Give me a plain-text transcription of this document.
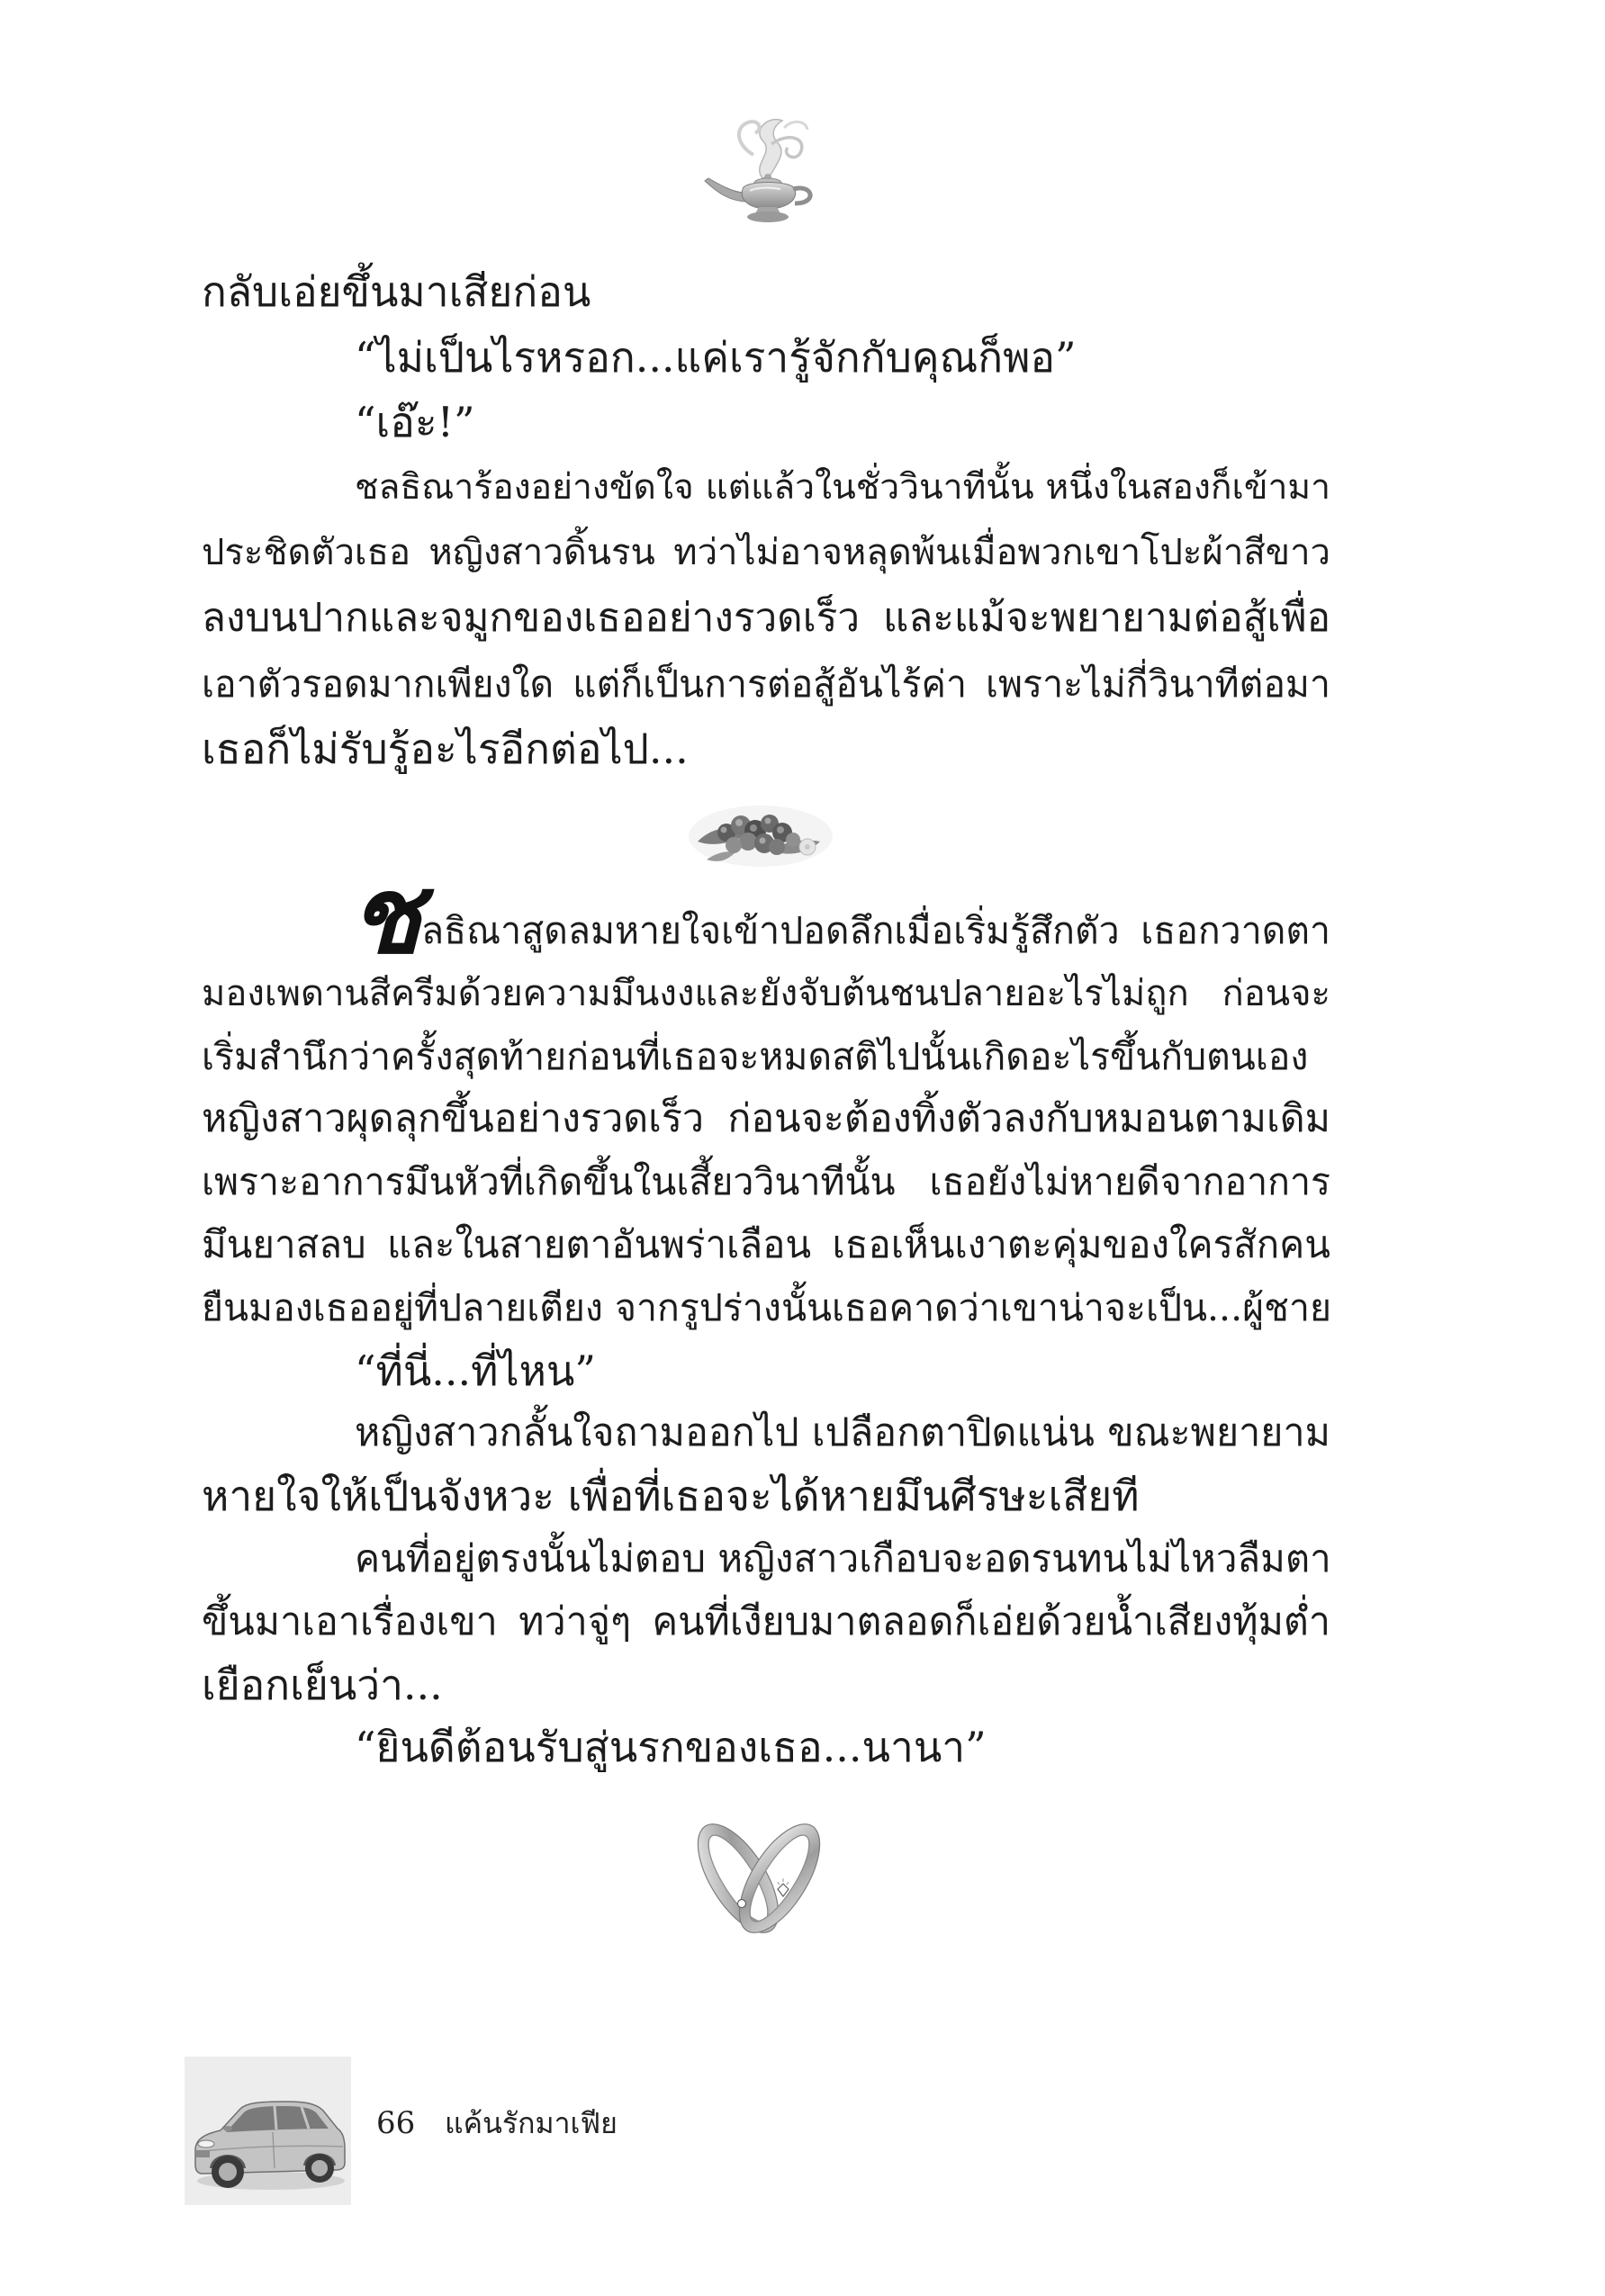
กลับเอ่ยขึ้นมาเสียก่อน
“ไม่เป็นไรหรอก...แค่เรารู้จักกับคุณก็พอ”
“เอ๊ะ!”
ชลธิณาร้องอย่างขัดใจ แต่แล้วในชั่ววินาทีนั้น หนึ่งในสองก็เข้ามา
ประชิดตัวเธอ หญิงสาวดิ้นรน ทว่าไม่อาจหลุดพ้นเมื่อพวกเขาโปะผ้าสีขาว
ลงบนปากและจมูกของเธออย่างรวดเร็ว และแม้จะพยายามต่อสู้เพื่อ
เอาตัวรอดมากเพียงใด แต่ก็เป็นการต่อสู้อันไร้ค่า เพราะไม่กี่วินาทีต่อมา
เธอก็ไม่รับรู้อะไรอีกต่อไป...
ช ลธิณาสูดลมหายใจเข้าปอดลึกเมื่อเริ่มรู้สึกตัว เธอกวาดตา
มองเพดานสีครีมด้วยความมึนงงและยังจับต้นชนปลายอะไรไม่ถูก ก่อนจะ
เริ่มสำนึกว่าครั้งสุดท้ายก่อนที่เธอจะหมดสติไปนั้นเกิดอะไรขึ้นกับตนเอง
หญิงสาวผุดลุกขึ้นอย่างรวดเร็ว ก่อนจะต้องทิ้งตัวลงกับหมอนตามเดิม
เพราะอาการมึนหัวที่เกิดขึ้นในเสี้ยววินาทีนั้น เธอยังไม่หายดีจากอาการ
มึนยาสลบ และในสายตาอันพร่าเลือน เธอเห็นเงาตะคุ่มของใครสักคน
ยืนมองเธออยู่ที่ปลายเตียง จากรูปร่างนั้นเธอคาดว่าเขาน่าจะเป็น...ผู้ชาย
“ที่นี่...ที่ไหน”
หญิงสาวกลั้นใจถามออกไป เปลือกตาปิดแน่น ขณะพยายาม
หายใจให้เป็นจังหวะ เพื่อที่เธอจะได้หายมึนศีรษะเสียที
คนที่อยู่ตรงนั้นไม่ตอบ หญิงสาวเกือบจะอดรนทนไม่ไหวลืมตา
ขึ้นมาเอาเรื่องเขา ทว่าจู่ๆ คนที่เงียบมาตลอดก็เอ่ยด้วยน้ำเสียงทุ้มต่ำ
เยือกเย็นว่า...
“ยินดีต้อนรับสู่นรกของเธอ...นานา”
66 แค้นรักมาเฟีย
